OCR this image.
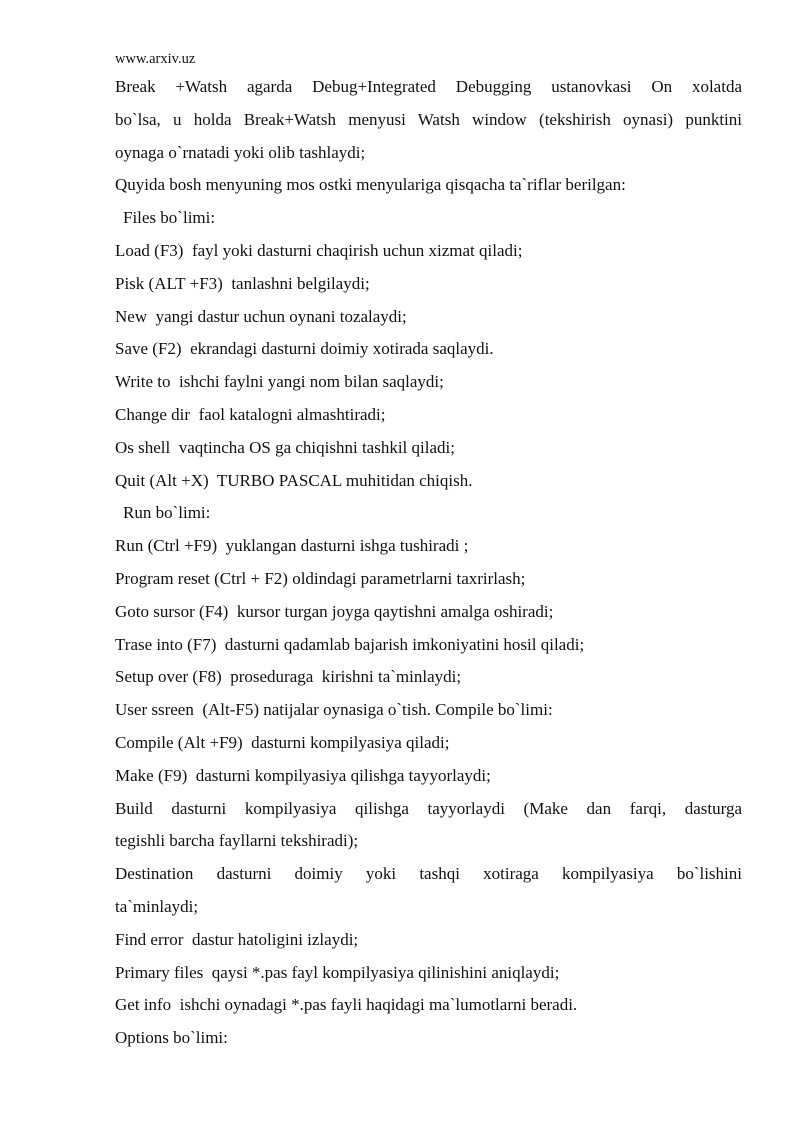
www.arxiv.uz
Break +Watsh agarda Debug+Integrated Debugging ustanovkasi On xolatda
bo`lsa, u holda Break+Watsh menyusi Watsh window (tekshirish oynasi) punktini
oynaga o`rnatadi yoki olib tashlaydi;
Quyida bosh menyuning mos ostki menyulariga qisqacha ta`riflar berilgan:
Files bo`limi:
Load (F3)  fayl yoki dasturni chaqirish uchun xizmat qiladi;
Pisk (ALT +F3)  tanlashni belgilaydi;
New  yangi dastur uchun oynani tozalaydi;
Save (F2)  ekrandagi dasturni doimiy xotirada saqlaydi.
Write to  ishchi faylni yangi nom bilan saqlaydi;
Change dir  faol katalogni almashtiradi;
Os shell  vaqtincha OS ga chiqishni tashkil qiladi;
Quit (Alt +X)  TURBO PASCAL muhitidan chiqish.
Run bo`limi:
Run (Ctrl +F9)  yuklangan dasturni ishga tushiradi ;
Program reset (Ctrl + F2) oldindagi parametrlarni taxrirlash;
Goto sursor (F4)  kursor turgan joyga qaytishni amalga oshiradi;
Trase into (F7)  dasturni qadamlab bajarish imkoniyatini hosil qiladi;
Setup over (F8)  proseduraga  kirishni ta`minlaydi;
User ssreen  (Alt-F5) natijalar oynasiga o`tish. Compile bo`limi:
Compile (Alt +F9)  dasturni kompilyasiya qiladi;
Make (F9)  dasturni kompilyasiya qilishga tayyorlaydi;
Build dasturni kompilyasiya qilishga tayyorlaydi (Make dan farqi, dasturga
tegishli barcha fayllarni tekshiradi);
Destination dasturni doimiy yoki tashqi xotiraga kompilyasiya bo`lishini
ta`minlaydi;
Find error  dastur hatoligini izlaydi;
Primary files  qaysi *.pas fayl kompilyasiya qilinishini aniqlaydi;
Get info  ishchi oynadagi *.pas fayli haqidagi ma`lumotlarni beradi.
Options bo`limi:
